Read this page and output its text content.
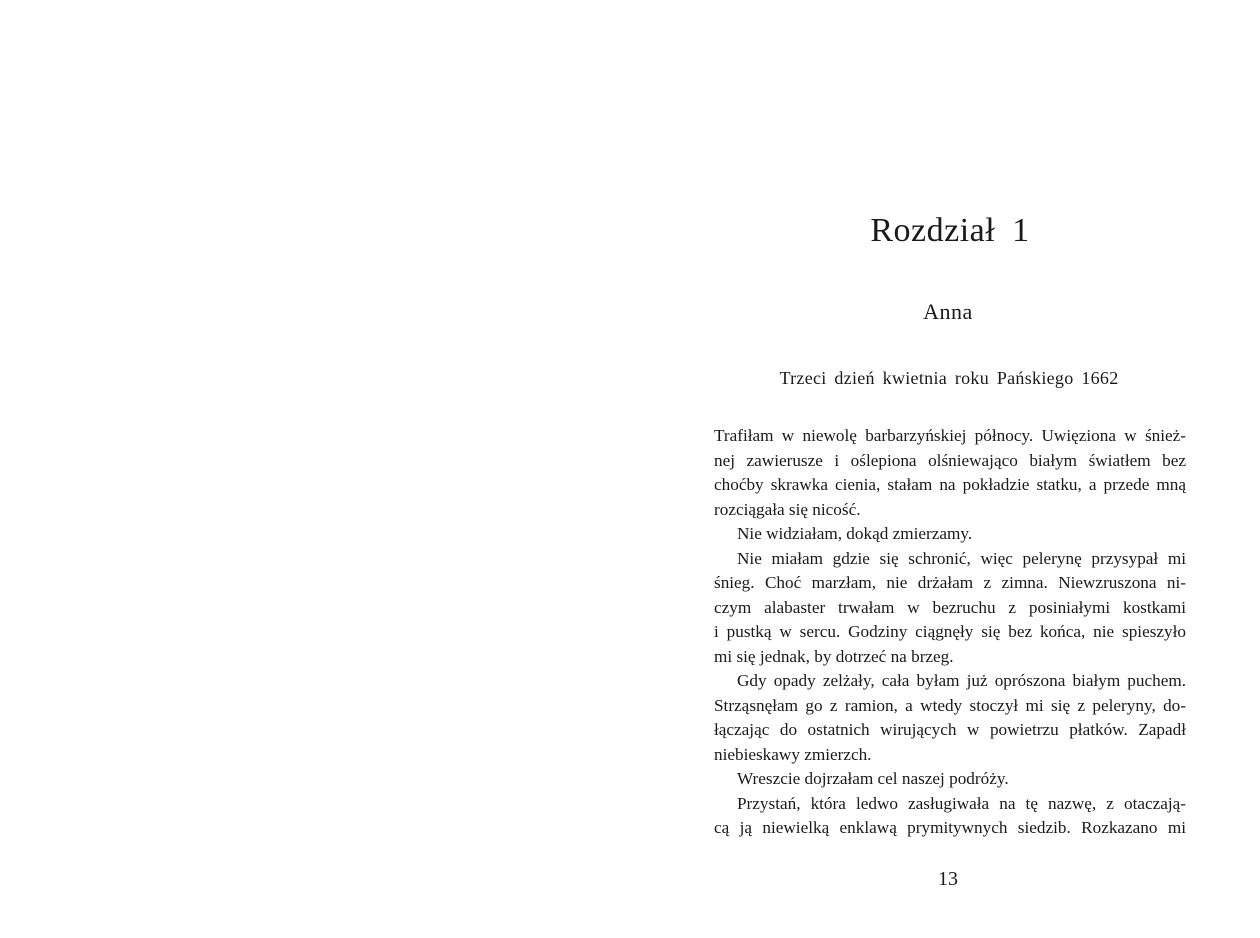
Rozdział 1
Anna

Trzeci dzień kwietnia roku Pańskiego 1662

Trafiłam w niewolę barbarzyńskiej północy. Uwięziona w śnież-
nej zawierusze i oślepiona olśniewająco białym światłem bez
choćby skrawka cienia, stałam na pokładzie statku, a przede mną
rozciągała się nicość.
Nie widziałam, dokąd zmierzamy.
Nie miałam gdzie się schronić, więc pelerynę przysypał mi
śnieg. Choć marzłam, nie drżałam z zimna. Niewzruszona ni-
czym alabaster trwałam w bezruchu z posiniałymi kostkami
i pustką w sercu. Godziny ciągnęły się bez końca, nie spieszyło
mi się jednak, by dotrzeć na brzeg.
Gdy opady zelżały, cała byłam już oprószona białym puchem.
Strząsnęłam go z ramion, a wtedy stoczył mi się z peleryny, do-
łączając do ostatnich wirujących w powietrzu płatków. Zapadł
niebieskawy zmierzch.
Wreszcie dojrzałam cel naszej podróży.
Przystań, która ledwo zasługiwała na tę nazwę, z otaczają-
cą ją niewielką enklawą prymitywnych siedzib. Rozkazano mi

13
